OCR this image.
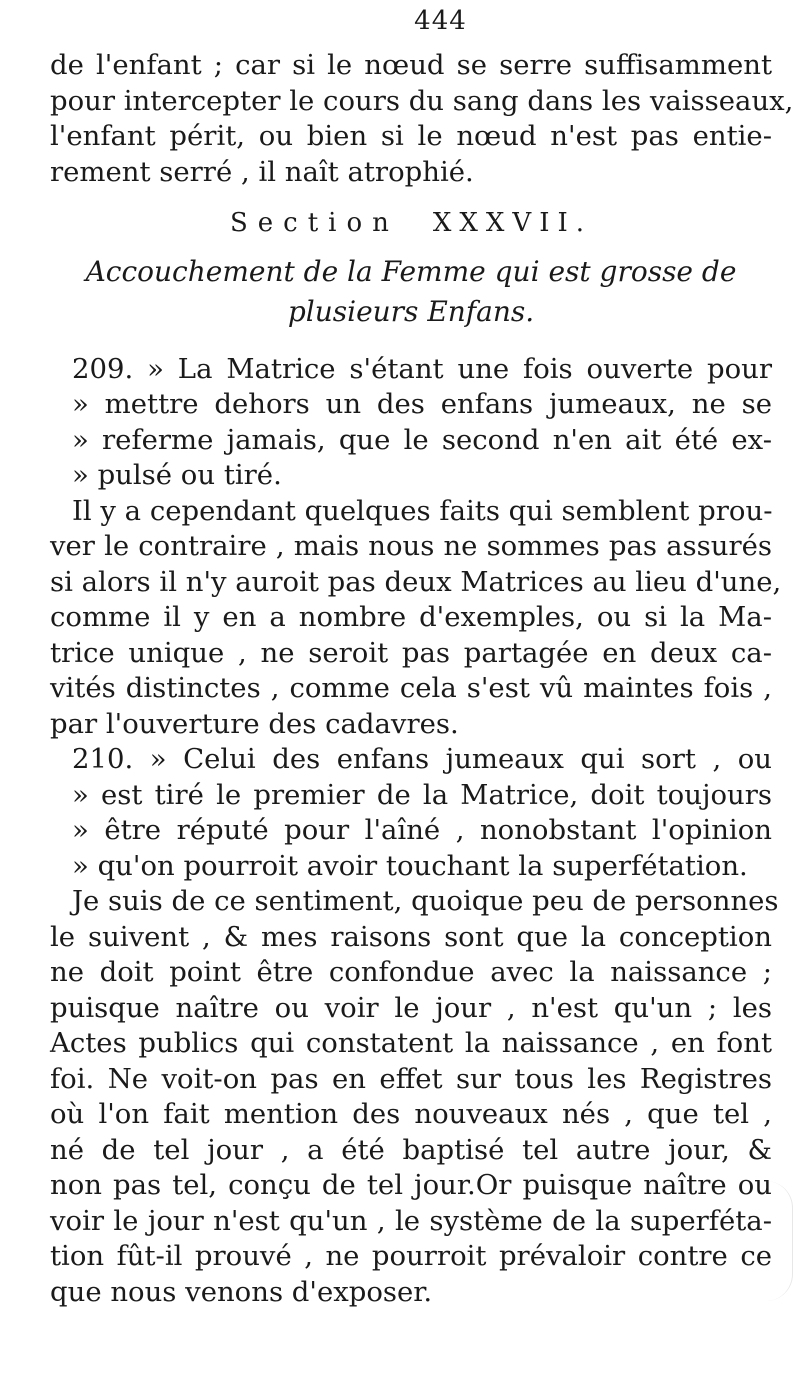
444
de l'enfant ; car si le nœud se serre suffisamment
pour intercepter le cours du sang dans les vaisseaux,
l'enfant périt, ou bien si le nœud n'est pas entie-
rement serré , il naît atrophié.
Section XXXVII.
Accouchement de la Femme qui est grosse de
plusieurs Enfans.
209. » La Matrice s'étant une fois ouverte pour
» mettre dehors un des enfans jumeaux, ne se
» referme jamais, que le second n'en ait été ex-
» pulsé ou tiré.
Il y a cependant quelques faits qui semblent prou-
ver le contraire , mais nous ne sommes pas assurés
si alors il n'y auroit pas deux Matrices au lieu d'une,
comme il y en a nombre d'exemples, ou si la Ma-
trice unique , ne seroit pas partagée en deux ca-
vités distinctes , comme cela s'est vû maintes fois ,
par l'ouverture des cadavres.
210. » Celui des enfans jumeaux qui sort , ou
» est tiré le premier de la Matrice, doit toujours
» être réputé pour l'aîné , nonobstant l'opinion
» qu'on pourroit avoir touchant la superfétation.
Je suis de ce sentiment, quoique peu de personnes
le suivent , & mes raisons sont que la conception
ne doit point être confondue avec la naissance ;
puisque naître ou voir le jour , n'est qu'un ; les
Actes publics qui constatent la naissance , en font
foi. Ne voit-on pas en effet sur tous les Registres
où l'on fait mention des nouveaux nés , que tel ,
né de tel jour , a été baptisé tel autre jour, &
non pas tel, conçu de tel jour.Or puisque naître ou
voir le jour n'est qu'un , le système de la superféta-
tion fût-il prouvé , ne pourroit prévaloir contre ce
que nous venons d'exposer.
